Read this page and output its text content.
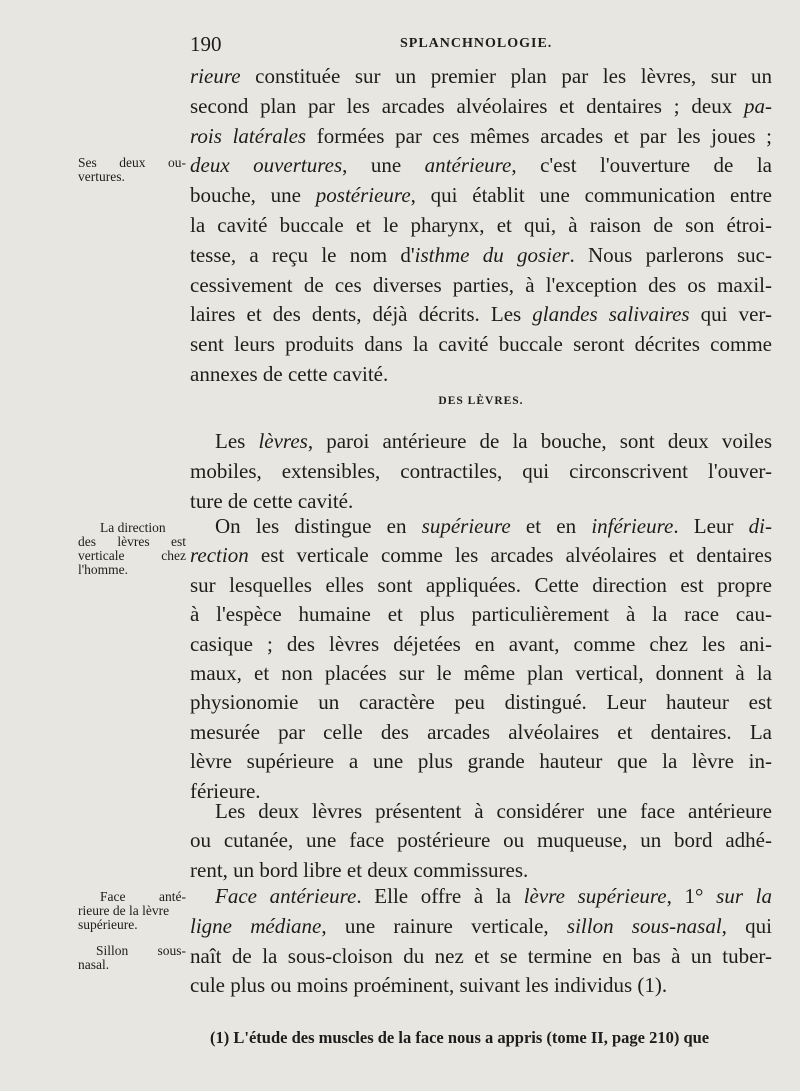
190	SPLANCHNOLOGIE.
Ses deux ou-

vertures.
La direction
des lèvres est
verticale chez

l'homme.
Face anté-
rieure de la lèvre
supérieure.
Sillon sous-
nasal.
rieure constituée sur un premier plan par les lèvres, sur un
second plan par les arcades alvéolaires et dentaires ; deux pa-
rois latérales formées par ces mêmes arcades et par les joues ;
deux ouvertures, une antérieure, c'est l'ouverture de la
bouche, une postérieure, qui établit une communication entre
la cavité buccale et le pharynx, et qui, à raison de son étroi-
tesse, a reçu le nom d'isthme du gosier. Nous parlerons suc-
cessivement de ces diverses parties, à l'exception des os maxil-
laires et des dents, déjà décrits. Les glandes salivaires qui ver-
sent leurs produits dans la cavité buccale seront décrites comme
annexes de cette cavité.
DES LÈVRES.
Les lèvres, paroi antérieure de la bouche, sont deux voiles
mobiles, extensibles, contractiles, qui circonscrivent l'ouver-
ture de cette cavité.
On les distingue en supérieure et en inférieure. Leur di-
rection est verticale comme les arcades alvéolaires et dentaires
sur lesquelles elles sont appliquées. Cette direction est propre
à l'espèce humaine et plus particulièrement à la race cau-
casique ; des lèvres déjetées en avant, comme chez les ani-
maux, et non placées sur le même plan vertical, donnent à la
physionomie un caractère peu distingué. Leur hauteur est
mesurée par celle des arcades alvéolaires et dentaires. La
lèvre supérieure a une plus grande hauteur que la lèvre in-
férieure.
Les deux lèvres présentent à considérer une face antérieure
ou cutanée, une face postérieure ou muqueuse, un bord adhé-
rent, un bord libre et deux commissures.
Face antérieure. Elle offre à la lèvre supérieure, 1° sur la
ligne médiane, une rainure verticale, sillon sous-nasal, qui
naît de la sous-cloison du nez et se termine en bas à un tuber-
cule plus ou moins proéminent, suivant les individus (1).
(1) L'étude des muscles de la face nous a appris (tome II, page 210) que
